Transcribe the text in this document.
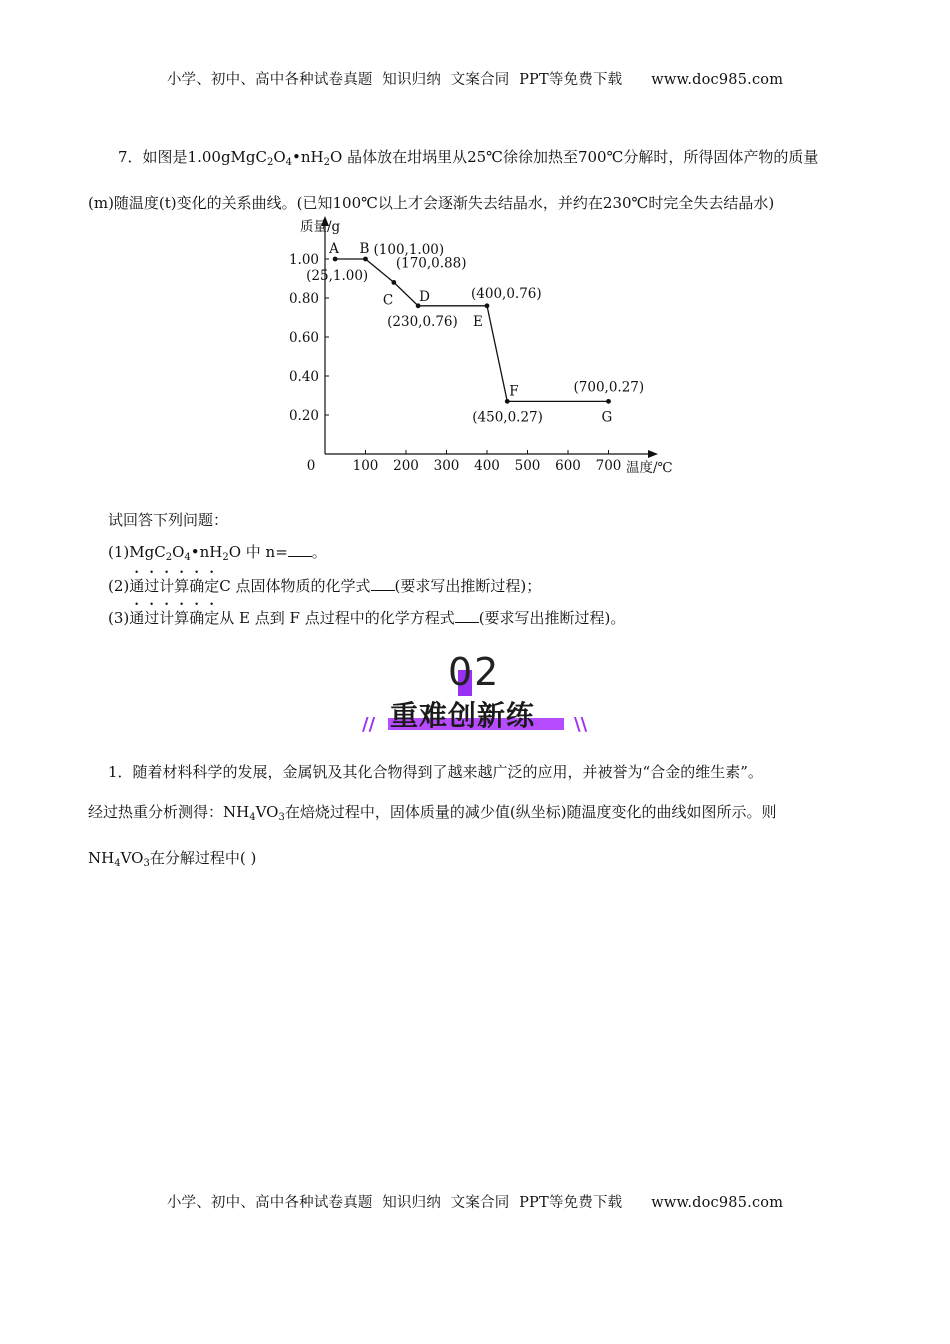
小学、初中、高中各种试卷真题  知识归纳  文案合同  PPT等免费下载      www.doc985.com
7．如图是$1.00gMgC_2O_4•nH_2O$ 晶体放在坩埚里从25℃徐徐加热至700℃分解时，所得固体产物的质量
(m)随温度(t)变化的关系曲线。(已知100℃以上才会逐渐失去结晶水，并约在230℃时完全失去结晶水)
质量/g
温度/℃
0	100 200 300 400 500 600 700
0.20
0.40
0.60
0.80
1.00
A
(25,1.00)
B (100,1.00)
C
(170,0.88)
D
(230,0.76) E
(400,0.76)
F
(450,0.27)	G
(700,0.27)
试回答下列问题：
$(1)MgC_2O_4•nH_2O$ 中 n= 。
(2)通过计算确定C 点固体物质的化学式 (要求写出推断过程)；
(3)通过计算确定从 E 点到 F 点过程中的化学方程式 (要求写出推断过程)。
02
// 重难创新练 \\
1．随着材料科学的发展，金属钒及其化合物得到了越来越广泛的应用，并被誉为“合金的维生素”。
经过热重分析测得：$NH_4VO_3$在焙烧过程中，固体质量的减少值(纵坐标)随温度变化的曲线如图所示。则
$NH_4VO_3$在分解过程中( )
小学、初中、高中各种试卷真题  知识归纳  文案合同  PPT等免费下载      www.doc985.com
